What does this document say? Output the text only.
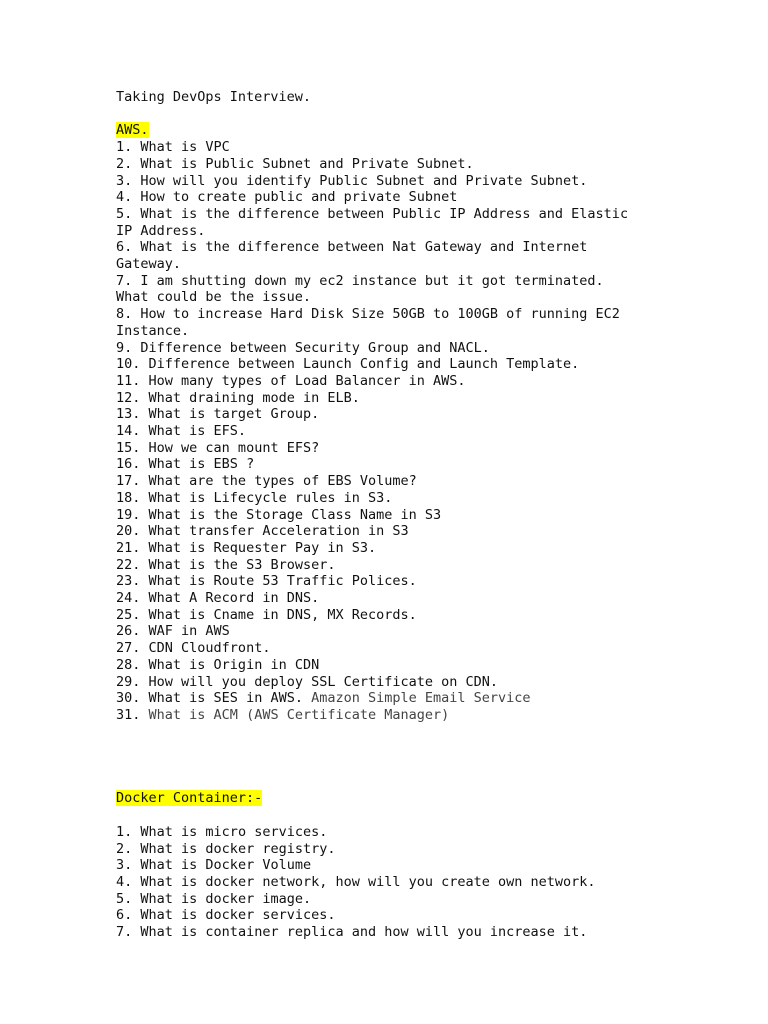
Taking DevOps Interview.
AWS.
1. What is VPC
2. What is Public Subnet and Private Subnet.
3. How will you identify Public Subnet and Private Subnet.
4. How to create public and private Subnet
5. What is the difference between Public IP Address and Elastic IP Address.
6. What is the difference between Nat Gateway and Internet Gateway.
7. I am shutting down my ec2 instance but it got terminated. What could be the issue.
8. How to increase Hard Disk Size 50GB to 100GB of running EC2 Instance.
9. Difference between Security Group and NACL.
10. Difference between Launch Config and Launch Template.
11. How many types of Load Balancer in AWS.
12. What draining mode in ELB.
13. What is target Group.
14. What is EFS.
15. How we can mount EFS?
16. What is EBS ?
17. What are the types of EBS Volume?
18. What is Lifecycle rules in S3.
19. What is the Storage Class Name in S3
20. What transfer Acceleration in S3
21. What is Requester Pay in S3.
22. What is the S3 Browser.
23. What is Route 53 Traffic Polices.
24. What A Record in DNS.
25. What is Cname in DNS, MX Records.
26. WAF in AWS
27. CDN Cloudfront.
28. What is Origin in CDN
29. How will you deploy SSL Certificate on CDN.
30. What is SES in AWS. Amazon Simple Email Service
31. What is ACM (AWS Certificate Manager)
Docker Container:-
1. What is micro services.
2. What is docker registry.
3. What is Docker Volume
4. What is docker network, how will you create own network.
5. What is docker image.
6. What is docker services.
7. What is container replica and how will you increase it.
